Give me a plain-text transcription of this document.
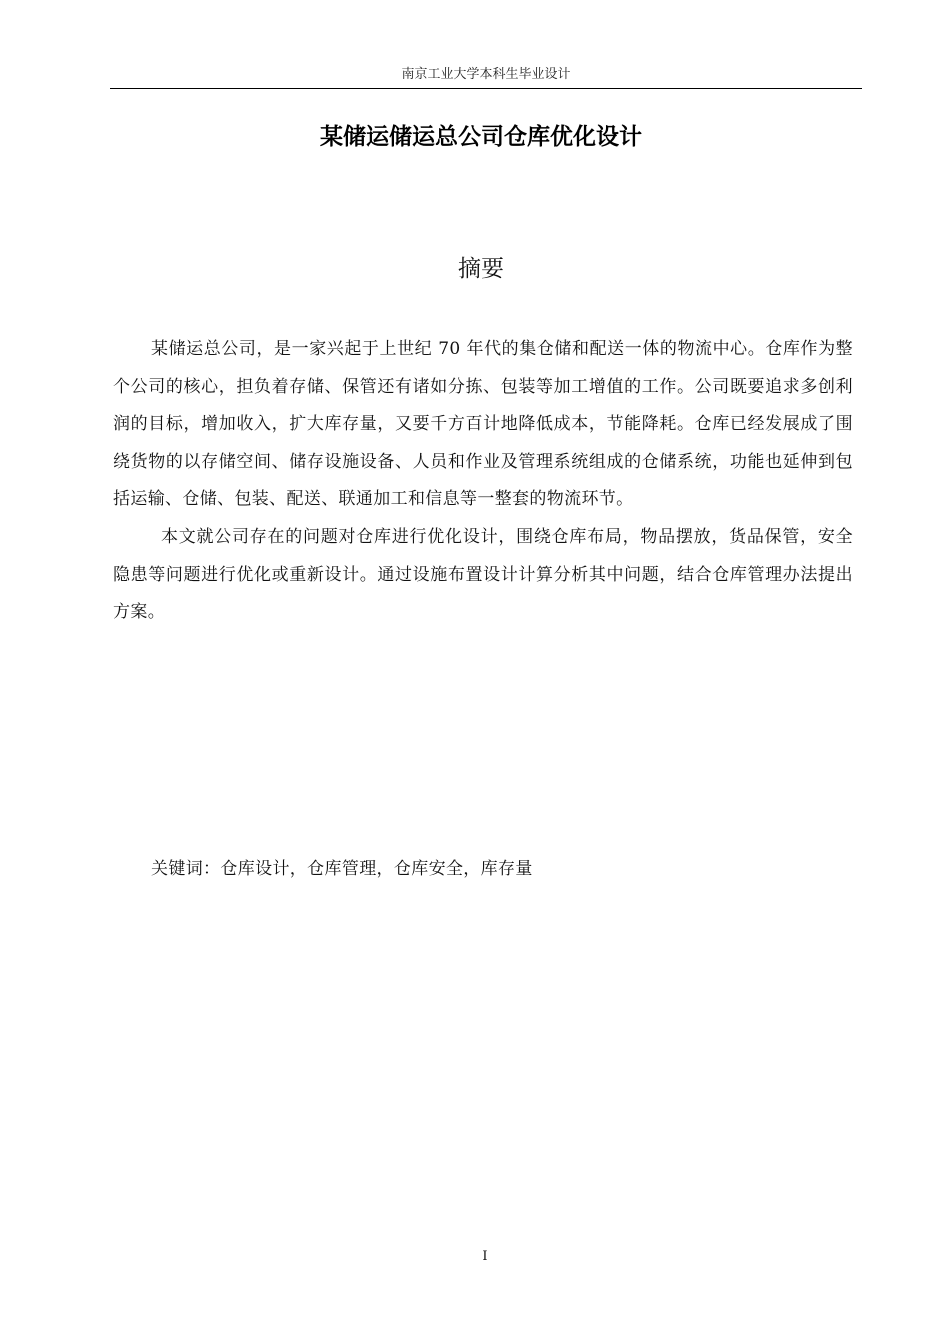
南京工业大学本科生毕业设计
某储运储运总公司仓库优化设计
摘要

某储运总公司，是一家兴起于上世纪 70 年代的集仓储和配送一体的物流中心。仓库作为整个公司的核心，担负着存储、保管还有诸如分拣、包装等加工增值的工作。公司既要追求多创利润的目标，增加收入，扩大库存量，又要千方百计地降低成本，节能降耗。仓库已经发展成了围绕货物的以存储空间、储存设施设备、人员和作业及管理系统组成的仓储系统，功能也延伸到包括运输、仓储、包装、配送、联通加工和信息等一整套的物流环节。

本文就公司存在的问题对仓库进行优化设计，围绕仓库布局，物品摆放，货品保管，安全隐患等问题进行优化或重新设计。通过设施布置设计计算分析其中问题，结合仓库管理办法提出方案。

关键词：仓库设计，仓库管理，仓库安全，库存量
I
